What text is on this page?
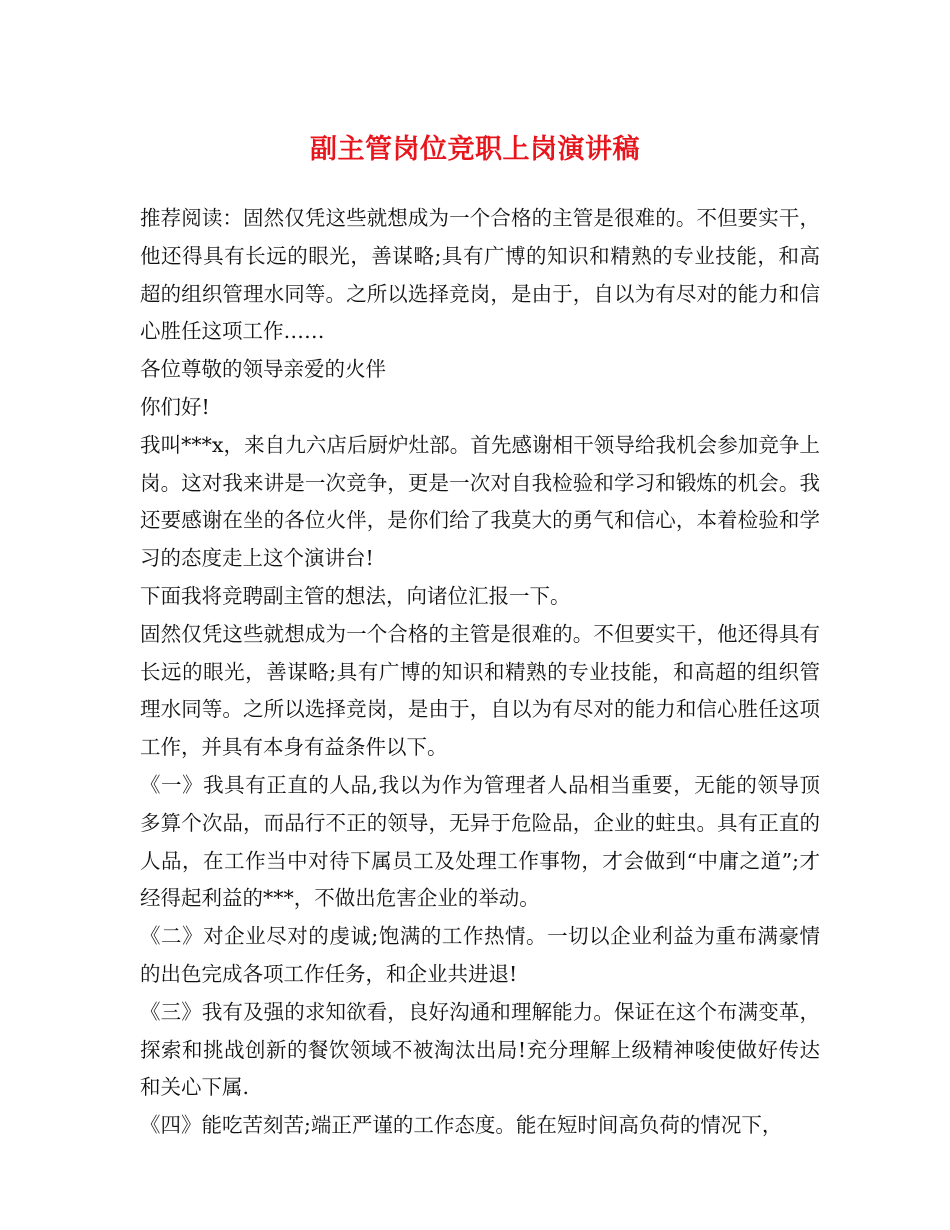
副主管岗位竞职上岗演讲稿

推荐阅读：固然仅凭这些就想成为一个合格的主管是很难的。不但要实干，他还得具有长远的眼光，善谋略;具有广博的知识和精熟的专业技能，和高超的组织管理水同等。之所以选择竞岗，是由于，自以为有尽对的能力和信心胜任这项工作……

各位尊敬的领导亲爱的火伴

你们好!

我叫***x，来自九六店后厨炉灶部。首先感谢相干领导给我机会参加竞争上岗。这对我来讲是一次竞争，更是一次对自我检验和学习和锻炼的机会。我还要感谢在坐的各位火伴，是你们给了我莫大的勇气和信心，本着检验和学习的态度走上这个演讲台!

下面我将竞聘副主管的想法，向诸位汇报一下。

固然仅凭这些就想成为一个合格的主管是很难的。不但要实干，他还得具有长远的眼光，善谋略;具有广博的知识和精熟的专业技能，和高超的组织管理水同等。之所以选择竞岗，是由于，自以为有尽对的能力和信心胜任这项工作，并具有本身有益条件以下。

《一》我具有正直的人品,我以为作为管理者人品相当重要，无能的领导顶多算个次品，而品行不正的领导，无异于危险品，企业的蛀虫。具有正直的人品，在工作当中对待下属员工及处理工作事物，才会做到“中庸之道”;才经得起利益的***，不做出危害企业的举动。

《二》对企业尽对的虔诚;饱满的工作热情。一切以企业利益为重布满豪情的出色完成各项工作任务，和企业共进退!

《三》我有及强的求知欲看，良好沟通和理解能力。保证在这个布满变革，探索和挑战创新的餐饮领域不被淘汰出局!充分理解上级精神唆使做好传达和关心下属.

《四》能吃苦刻苦;端正严谨的工作态度。能在短时间高负荷的情况下，
